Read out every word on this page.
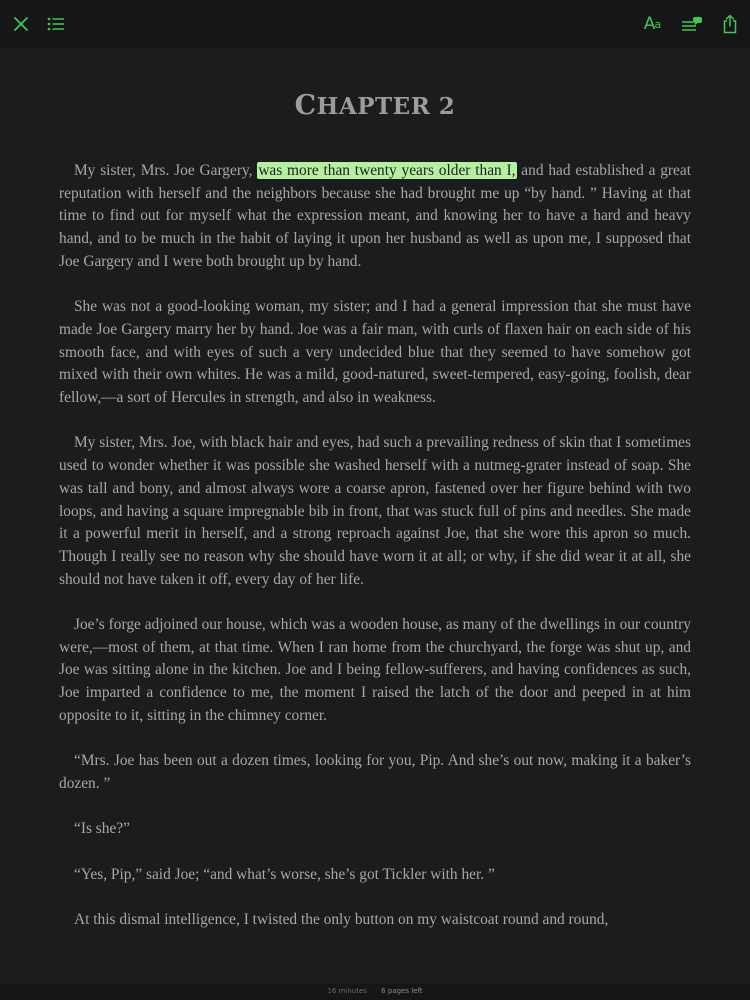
A a
CHAPTER 2

My sister, Mrs. Joe Gargery, was more than twenty years older than I, and had established a great reputation with herself and the neighbors because she had brought me up “by hand. ” Having at that time to find out for myself what the expression meant, and knowing her to have a hard and heavy hand, and to be much in the habit of laying it upon her husband as well as upon me, I supposed that Joe Gargery and I were both brought up by hand.

She was not a good-looking woman, my sister; and I had a general impression that she must have made Joe Gargery marry her by hand. Joe was a fair man, with curls of flaxen hair on each side of his smooth face, and with eyes of such a very undecided blue that they seemed to have somehow got mixed with their own whites. He was a mild, good-natured, sweet-tempered, easy-going, foolish, dear fellow,—a sort of Hercules in strength, and also in weakness.

My sister, Mrs. Joe, with black hair and eyes, had such a prevailing redness of skin that I sometimes used to wonder whether it was possible she washed herself with a nutmeg-grater instead of soap. She was tall and bony, and almost always wore a coarse apron, fastened over her figure behind with two loops, and having a square impregnable bib in front, that was stuck full of pins and needles. She made it a powerful merit in herself, and a strong reproach against Joe, that she wore this apron so much. Though I really see no reason why she should have worn it at all; or why, if she did wear it at all, she should not have taken it off, every day of her life.

Joe’s forge adjoined our house, which was a wooden house, as many of the dwellings in our country were,—most of them, at that time. When I ran home from the churchyard, the forge was shut up, and Joe was sitting alone in the kitchen. Joe and I being fellow-sufferers, and having confidences as such, Joe imparted a confidence to me, the moment I raised the latch of the door and peeped in at him opposite to it, sitting in the chimney corner.

“Mrs. Joe has been out a dozen times, looking for you, Pip. And she’s out now, making it a baker’s dozen. ”

“Is she?”

“Yes, Pip,” said Joe; “and what’s worse, she’s got Tickler with her. ”

At this dismal intelligence, I twisted the only button on my waistcoat round and round,

16 minutes 6 pages left
